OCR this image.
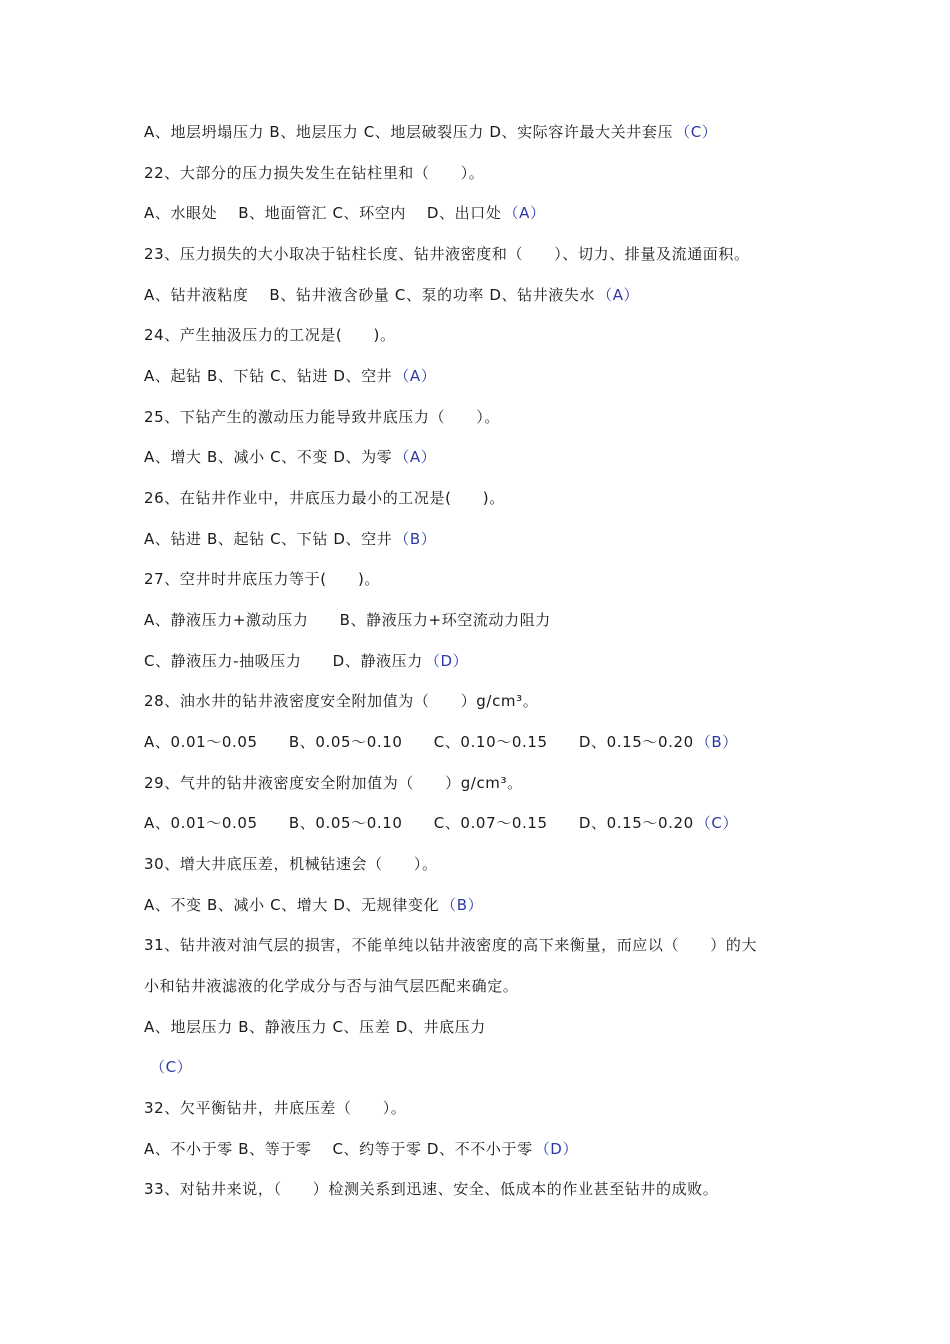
A、地层坍塌压力 B、地层压力 C、地层破裂压力 D、实际容许最大关井套压 （C）
22、大部分的压力损失发生在钻柱里和（　　）。
A、水眼处　 B、地面管汇 C、环空内　 D、出口处 （A）
23、压力损失的大小取决于钻柱长度、钻井液密度和（　　）、切力、排量及流通面积。
A、钻井液粘度　 B、钻井液含砂量 C、泵的功率 D、钻井液失水 （A）
24、产生抽汲压力的工况是(　　)。
A、起钻 B、下钻 C、钻进 D、空井 （A）
25、下钻产生的激动压力能导致井底压力（　　）。
A、增大 B、减小 C、不变 D、为零 （A）
26、在钻井作业中，井底压力最小的工况是(　　)。
A、钻进 B、起钻 C、下钻 D、空井 （B）
27、空井时井底压力等于(　　)。
A、静液压力+激动压力　　B、静液压力+环空流动力阻力
C、静液压力-抽吸压力　　D、静液压力 （D）
28、油水井的钻井液密度安全附加值为（　　）g/cm³。
A、0.01～0.05　　B、0.05～0.10　　C、0.10～0.15　　D、0.15～0.20 （B）
29、气井的钻井液密度安全附加值为（　　）g/cm³。
A、0.01～0.05　　B、0.05～0.10　　C、0.07～0.15　　D、0.15～0.20 （C）
30、增大井底压差，机械钻速会（　　）。
A、不变 B、减小 C、增大 D、无规律变化 （B）
31、钻井液对油气层的损害，不能单纯以钻井液密度的高下来衡量，而应以（　　）的大
小和钻井液滤液的化学成分与否与油气层匹配来确定。
A、地层压力 B、静液压力 C、压差 D、井底压力
（C）
32、欠平衡钻井，井底压差（　　）。
A、不小于零 B、等于零　 C、约等于零 D、不不小于零 （D）
33、对钻井来说，（　　）检测关系到迅速、安全、低成本的作业甚至钻井的成败。
